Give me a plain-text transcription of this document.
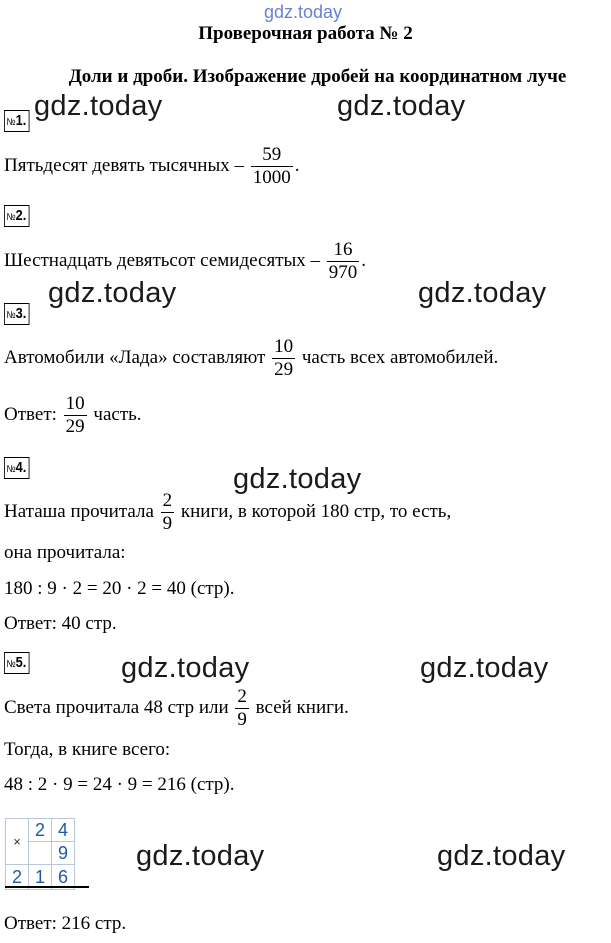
gdz.today
Проверочная работа № 2
Доли и дроби. Изображение дробей на координатном луче
№1. gdz.today	gdz.today
Пятьдесят девять тысячных – $\frac{59}{1000}$ .
№2.
Шестнадцать девятьсот семидесятых – $\frac{16}{970}$ .
gdz.today	gdz.today
№3.
Автомобили «Лада» составляют $\frac{10}{29}$ часть всех автомобилей.
Ответ: $\frac{10}{29}$ часть.
№4.	gdz.today
Наташа прочитала $\frac{2}{9}$ книги, в которой 180 стр, то есть,
она прочитала:
180 : 9 · 2 = 20 · 2 = 40 (стр).
Ответ: 40 стр.
№5.	gdz.today	gdz.today
Света прочитала 48 стр или $\frac{2}{9}$ всей книги.
Тогда, в книге всего:
48 : 2 · 9 = 24 · 9 = 216 (стр).
×	2	4
		9
2	1	6
gdz.today	gdz.today
Ответ: 216 стр.
